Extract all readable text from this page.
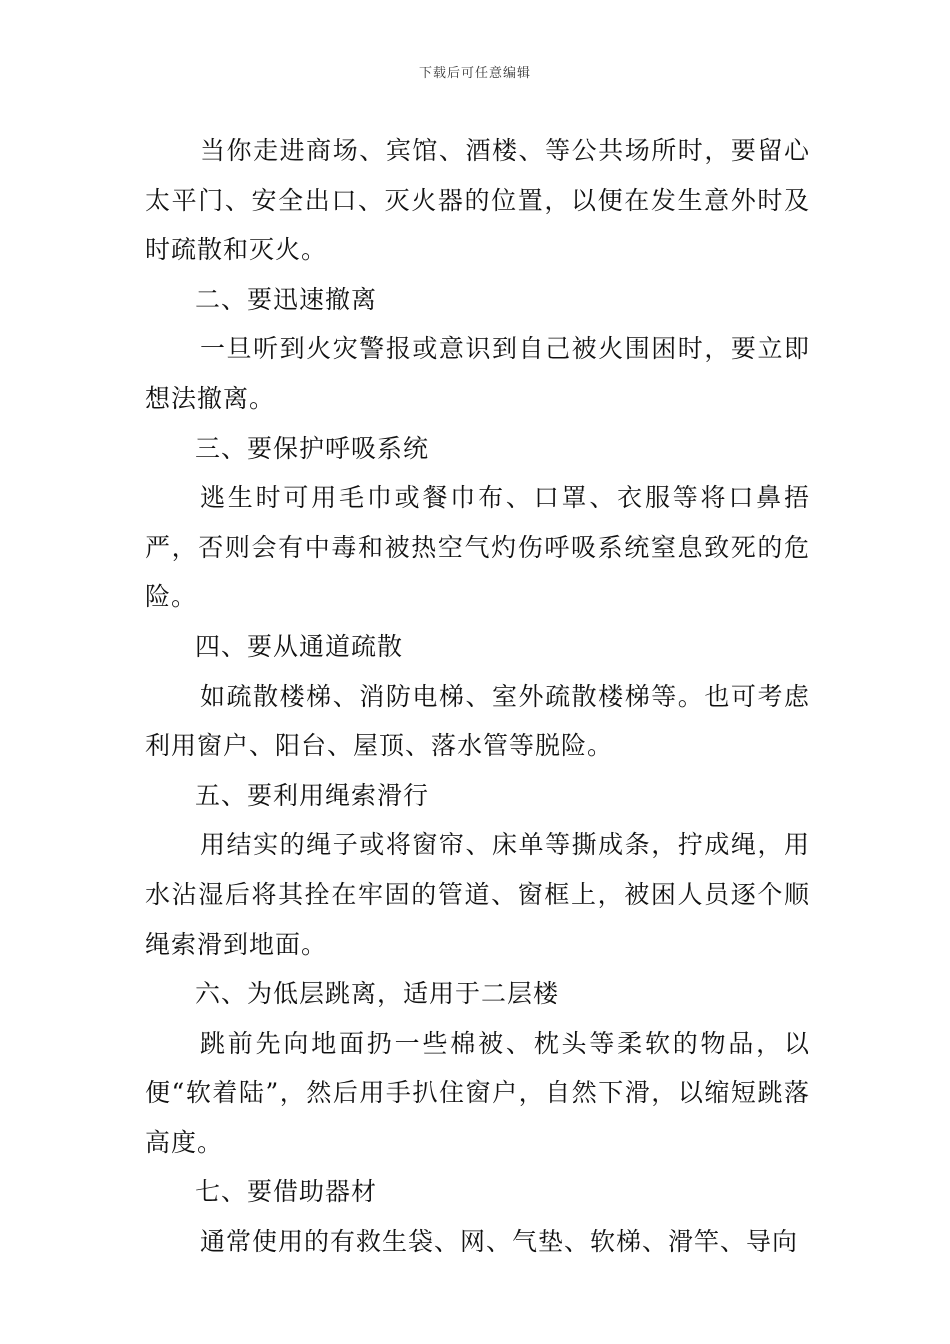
下载后可任意编辑

当你走进商场、宾馆、酒楼、等公共场所时，要留心太平门、安全出口、灭火器的位置，以便在发生意外时及时疏散和灭火。

二、要迅速撤离

一旦听到火灾警报或意识到自己被火围困时，要立即想法撤离。

三、要保护呼吸系统

逃生时可用毛巾或餐巾布、口罩、衣服等将口鼻捂严，否则会有中毒和被热空气灼伤呼吸系统窒息致死的危险。

四、要从通道疏散

如疏散楼梯、消防电梯、室外疏散楼梯等。也可考虑利用窗户、阳台、屋顶、落水管等脱险。

五、要利用绳索滑行

用结实的绳子或将窗帘、床单等撕成条，拧成绳，用水沾湿后将其拴在牢固的管道、窗框上，被困人员逐个顺绳索滑到地面。

六、为低层跳离，适用于二层楼

跳前先向地面扔一些棉被、枕头等柔软的物品，以便“软着陆”，然后用手扒住窗户，自然下滑，以缩短跳落高度。

七、要借助器材

通常使用的有救生袋、网、气垫、软梯、滑竿、导向
